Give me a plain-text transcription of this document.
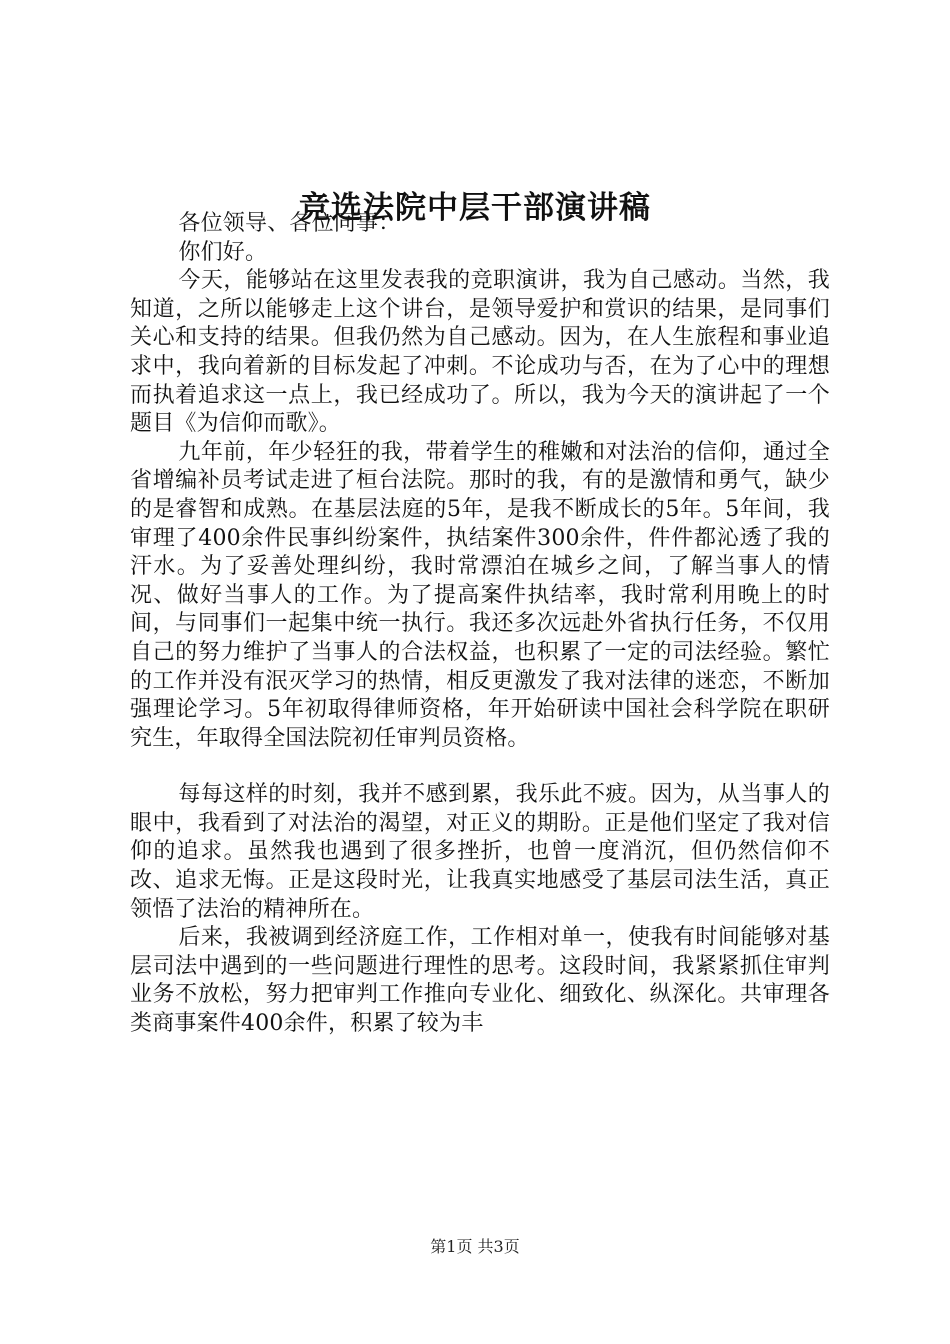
竞选法院中层干部演讲稿

各位领导、各位同事：

你们好。

今天，能够站在这里发表我的竞职演讲，我为自己感动。当然，我知道，之所以能够走上这个讲台，是领导爱护和赏识的结果，是同事们关心和支持的结果。但我仍然为自己感动。因为，在人生旅程和事业追求中，我向着新的目标发起了冲刺。不论成功与否，在为了心中的理想而执着追求这一点上，我已经成功了。所以，我为今天的演讲起了一个题目《为信仰而歌》。

九年前，年少轻狂的我，带着学生的稚嫩和对法治的信仰，通过全省增编补员考试走进了桓台法院。那时的我，有的是激情和勇气，缺少的是睿智和成熟。在基层法庭的5年，是我不断成长的5年。5年间，我审理了400余件民事纠纷案件，执结案件300余件，件件都沁透了我的汗水。为了妥善处理纠纷，我时常漂泊在城乡之间，了解当事人的情况、做好当事人的工作。为了提高案件执结率，我时常利用晚上的时间，与同事们一起集中统一执行。我还多次远赴外省执行任务，不仅用自己的努力维护了当事人的合法权益，也积累了一定的司法经验。繁忙的工作并没有泯灭学习的热情，相反更激发了我对法律的迷恋，不断加强理论学习。5年初取得律师资格，年开始研读中国社会科学院在职研究生，年取得全国法院初任审判员资格。

每每这样的时刻，我并不感到累，我乐此不疲。因为，从当事人的眼中，我看到了对法治的渴望，对正义的期盼。正是他们坚定了我对信仰的追求。虽然我也遇到了很多挫折，也曾一度消沉，但仍然信仰不改、追求无悔。正是这段时光，让我真实地感受了基层司法生活，真正领悟了法治的精神所在。

后来，我被调到经济庭工作，工作相对单一，使我有时间能够对基层司法中遇到的一些问题进行理性的思考。这段时间，我紧紧抓住审判业务不放松，努力把审判工作推向专业化、细致化、纵深化。共审理各类商事案件400余件，积累了较为丰

第1页 共3页
